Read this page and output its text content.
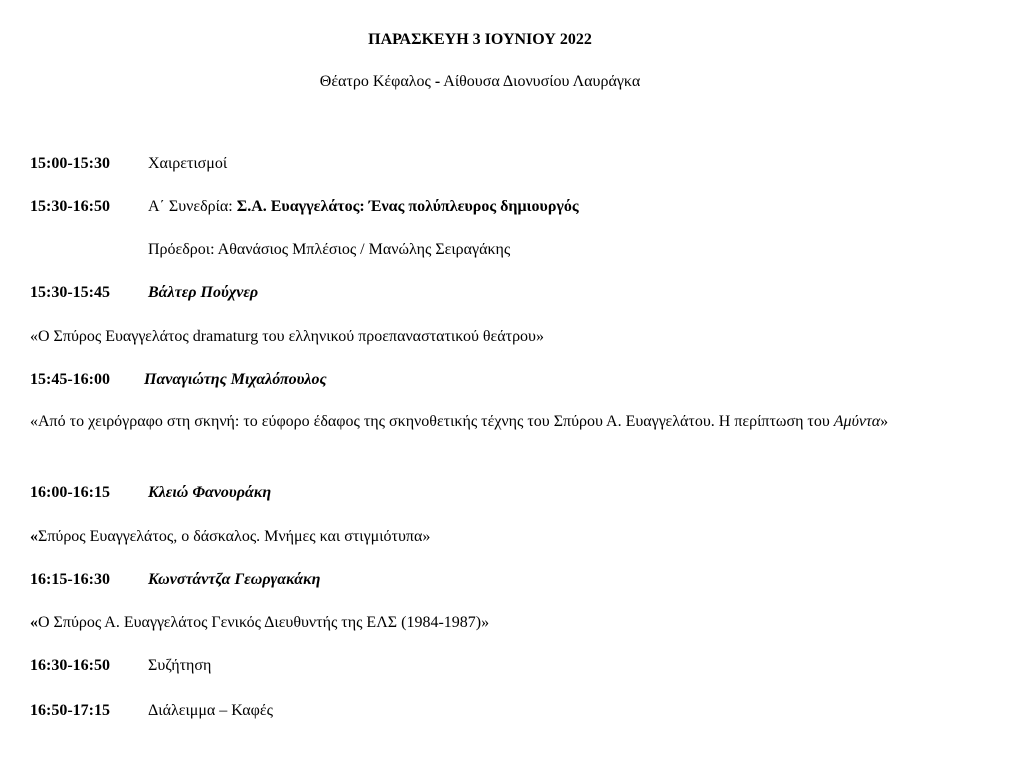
ΠΑΡΑΣΚΕΥΗ 3 ΙΟΥΝΙΟΥ 2022
Θέατρο Κέφαλος - Αίθουσα Διονυσίου Λαυράγκα
15:00-15:30 Χαιρετισμοί
15:30-16:50 Α΄ Συνεδρία: Σ.Α. Ευαγγελάτος: Ένας πολύπλευρος δημιουργός
Πρόεδροι: Αθανάσιος Μπλέσιος / Μανώλης Σειραγάκης
15:30-15:45 Βάλτερ Πούχνερ
«Ο Σπύρος Ευαγγελάτος dramaturg του ελληνικού προεπαναστατικού θεάτρου»
15:45-16:00 Παναγιώτης Μιχαλόπουλος
«Από το χειρόγραφο στη σκηνή: το εύφορο έδαφος της σκηνοθετικής τέχνης του Σπύρου Α. Ευαγγελάτου. Η περίπτωση του Αμύντα»
16:00-16:15 Κλειώ Φανουράκη
«Σπύρος Ευαγγελάτος, ο δάσκαλος. Μνήμες και στιγμιότυπα»
16:15-16:30 Κωνστάντζα Γεωργακάκη
«Ο Σπύρος Α. Ευαγγελάτος Γενικός Διευθυντής της ΕΛΣ (1984-1987)»
16:30-16:50 Συζήτηση
16:50-17:15 Διάλειμμα – Καφές
